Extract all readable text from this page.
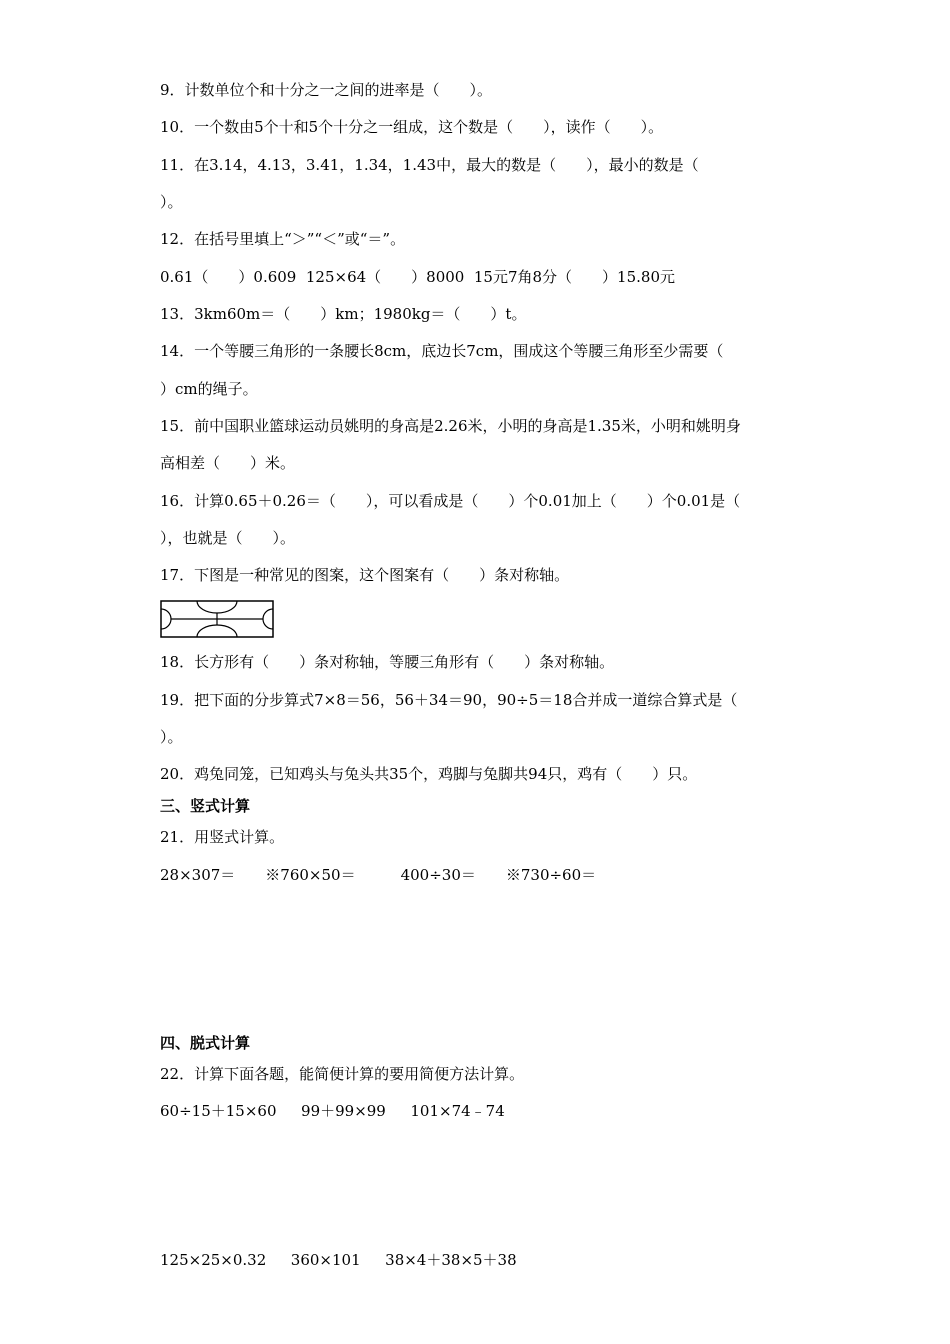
9．计数单位个和十分之一之间的进率是（　　）。
10．一个数由5个十和5个十分之一组成，这个数是（　　），读作（　　）。
11．在3.14，4.13，3.41，1.34，1.43中，最大的数是（　　），最小的数是（
）。
12．在括号里填上“＞”“＜”或“＝”。
0.61（　　）0.609  125×64（　　）8000  15元7角8分（　　）15.80元
13．3km60m＝（　　）km；1980kg＝（　　）t。
14．一个等腰三角形的一条腰长8cm，底边长7cm，围成这个等腰三角形至少需要（
）cm的绳子。
15．前中国职业篮球运动员姚明的身高是2.26米，小明的身高是1.35米，小明和姚明身
高相差（　　）米。
16．计算0.65＋0.26＝（　　），可以看成是（　　）个0.01加上（　　）个0.01是（
），也就是（　　）。
17．下图是一种常见的图案，这个图案有（　　）条对称轴。
18．长方形有（　　）条对称轴，等腰三角形有（　　）条对称轴。
19．把下面的分步算式7×8＝56，56＋34＝90，90÷5＝18合并成一道综合算式是（
）。
20．鸡兔同笼，已知鸡头与兔头共35个，鸡脚与兔脚共94只，鸡有（　　）只。
三、竖式计算
21．用竖式计算。
28×307＝　　※760×50＝　　　400÷30＝　　※730÷60＝
四、脱式计算
22．计算下面各题，能简便计算的要用简便方法计算。
60÷15＋15×60　  99＋99×99　  101×74﹣74
125×25×0.32　  360×101　  38×4＋38×5＋38
